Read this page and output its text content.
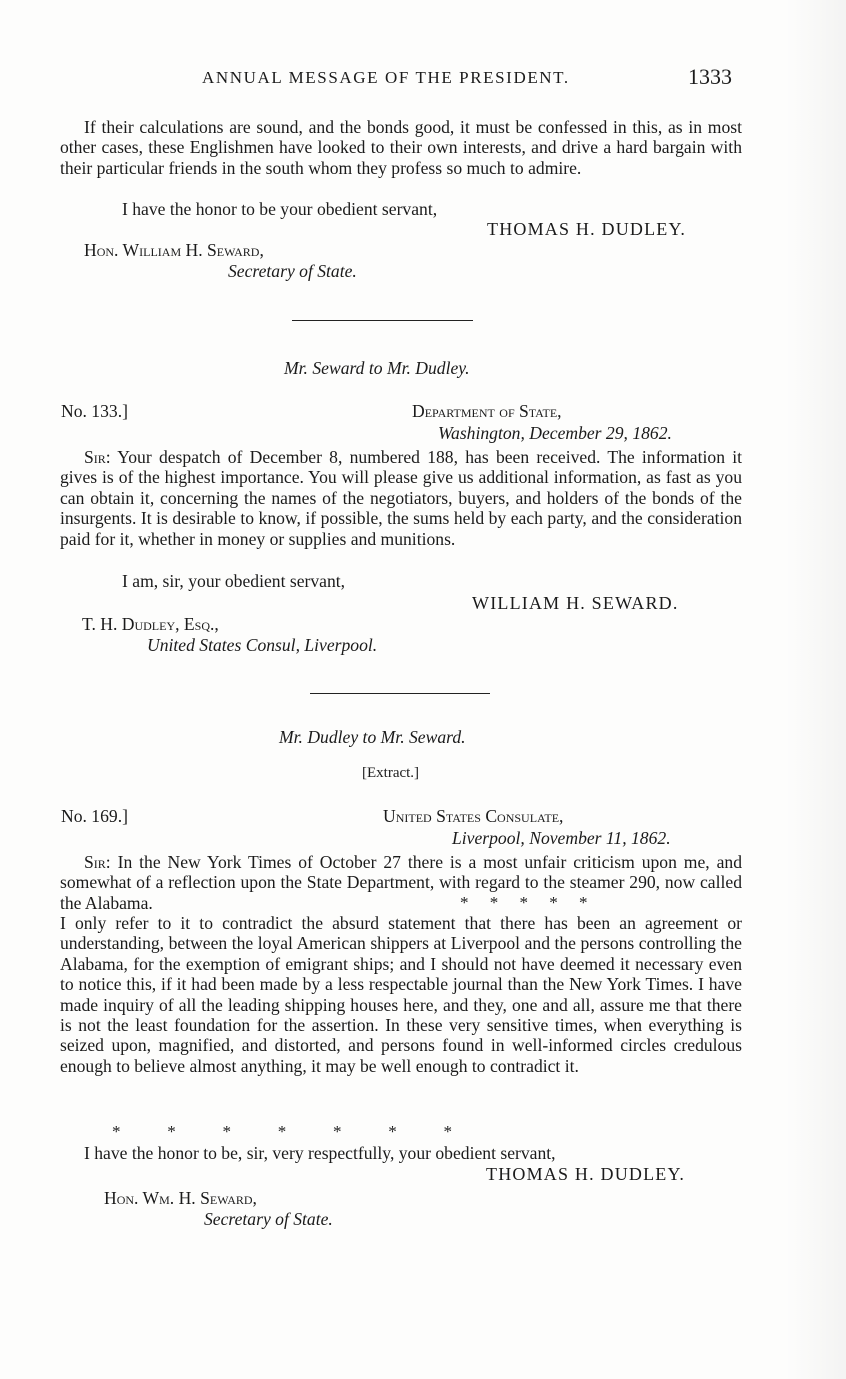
ANNUAL MESSAGE OF THE PRESIDENT.	1333

If their calculations are sound, and the bonds good, it must be confessed in this, as in most other cases, these Englishmen have looked to their own interests, and drive a hard bargain with their particular friends in the south whom they profess so much to admire.

I have the honor to be your obedient servant,
THOMAS H. DUDLEY.
Hon. William H. Seward,
Secretary of State.
Mr. Seward to Mr. Dudley.
No. 133.]	Department of State,
Washington, December 29, 1862.

Sir: Your despatch of December 8, numbered 188, has been received. The information it gives is of the highest importance. You will please give us additional information, as fast as you can obtain it, concerning the names of the negotiators, buyers, and holders of the bonds of the insurgents. It is desirable to know, if possible, the sums held by each party, and the consideration paid for it, whether in money or supplies and munitions.

I am, sir, your obedient servant,
WILLIAM H. SEWARD.
T. H. Dudley, Esq.,
United States Consul, Liverpool.
Mr. Dudley to Mr. Seward.
[Extract.]
No. 169.]	United States Consulate,
Liverpool, November 11, 1862.

Sir: In the New York Times of October 27 there is a most unfair criticism upon me, and somewhat of a reflection upon the State Department, with regard to the steamer 290, now called the Alabama.	*     *     *     *     *

I only refer to it to contradict the absurd statement that there has been an agreement or understanding, between the loyal American shippers at Liverpool and the persons controlling the Alabama, for the exemption of emigrant ships; and I should not have deemed it necessary even to notice this, if it had been made by a less respectable journal than the New York Times. I have made inquiry of all the leading shipping houses here, and they, one and all, assure me that there is not the least foundation for the assertion. In these very sensitive times, when everything is seized upon, magnified, and distorted, and persons found in well-informed circles credulous enough to believe almost anything, it may be well enough to contradict it.

*           *           *           *           *           *           *
I have the honor to be, sir, very respectfully, your obedient servant,
THOMAS H. DUDLEY.
Hon. Wm. H. Seward,
Secretary of State.
